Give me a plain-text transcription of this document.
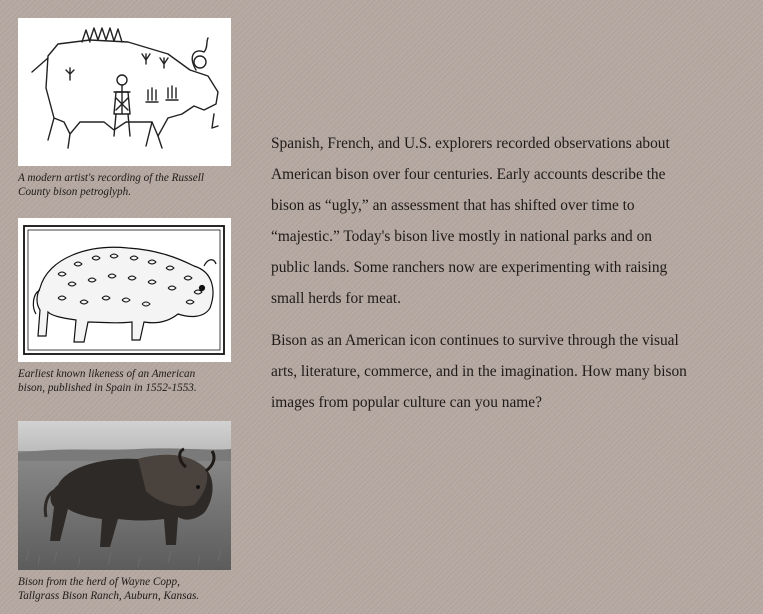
A modern artist's recording of the Russell
County bison petroglyph.
Earliest known likeness of an American
bison, published in Spain in 1552-1553.
Bison from the herd of Wayne Copp,
Tallgrass Bison Ranch, Auburn, Kansas.

Spanish, French, and U.S. explorers recorded observations about
American bison over four centuries. Early accounts describe the
bison as “ugly,” an assessment that has shifted over time to
“majestic.” Today's bison live mostly in national parks and on
public lands. Some ranchers now are experimenting with raising
small herds for meat.

Bison as an American icon continues to survive through the visual
arts, literature, commerce, and in the imagination. How many bison
images from popular culture can you name?
